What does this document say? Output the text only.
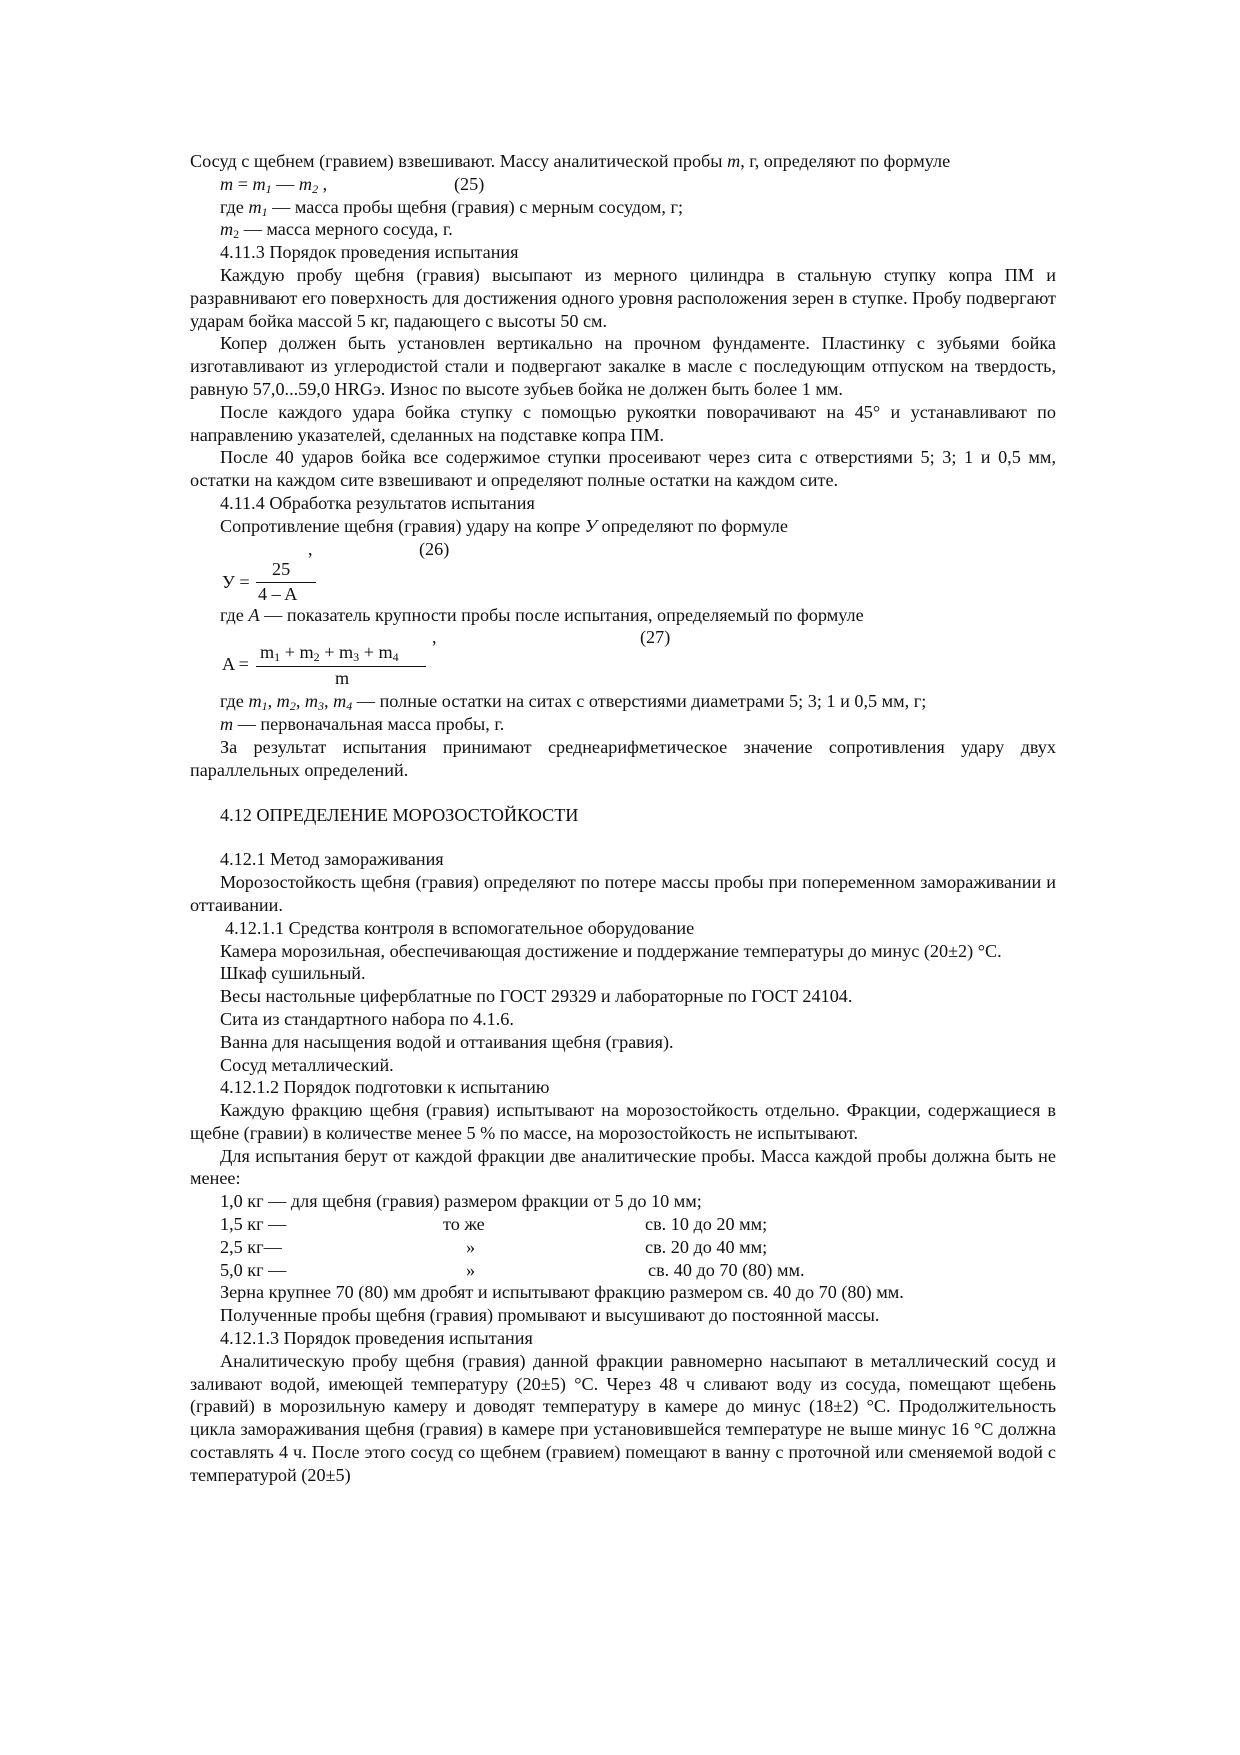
Сосуд с щебнем (гравием) взвешивают. Массу аналитической пробы m, г, определяют по формуле

$m = m_1$ — $m_2$ ,	(25)

где $m_1$ — масса пробы щебня (гравия) с мерным сосудом, г;

$m_2$ — масса мерного сосуда, г.

4.11.3 Порядок проведения испытания

Каждую пробу щебня (гравия) высыпают из мерного цилиндра в стальную ступку копра ПМ и разравнивают его поверхность для достижения одного уровня расположения зерен в ступке. Пробу подвергают ударам бойка массой 5 кг, падающего с высоты 50 см.

Копер должен быть установлен вертикально на прочном фундаменте. Пластинку с зубьями бойка изготавливают из углеродистой стали и подвергают закалке в масле с последующим отпуском на твердость, равную 57,0...59,0 HRGэ. Износ по высоте зубьев бойка не должен быть более 1 мм.

После каждого удара бойка ступку с помощью рукоятки поворачивают на 45° и устанавливают по направлению указателей, сделанных на подставке копра ПМ.

После 40 ударов бойка все содержимое ступки просеивают через сита с отверстиями 5; 3; 1 и 0,5 мм, остатки на каждом сите взвешивают и определяют полные остатки на каждом сите.

4.11.4 Обработка результатов испытания

Сопротивление щебня (гравия) удару на копре У определяют по формуле

,	(26)
У =
25
4 – A

где A — показатель крупности пробы после испытания, определяемый по формуле

,	(27)
A =
$m_1 + m_2 + m_3 + m_4$
m

где $m_1$, $m_2$, $m_3$, $m_4$ — полные остатки на ситах с отверстиями диаметрами 5; 3; 1 и 0,5 мм, г;

m — первоначальная масса пробы, г.

За результат испытания принимают среднеарифметическое значение сопротивления удару двух параллельных определений.

4.12 ОПРЕДЕЛЕНИЕ МОРОЗОСТОЙКОСТИ

4.12.1 Метод замораживания

Морозостойкость щебня (гравия) определяют по потере массы пробы при попеременном замораживании и оттаивании.

4.12.1.1 Средства контроля в вспомогательное оборудование

Камера морозильная, обеспечивающая достижение и поддержание температуры до минус (20±2) °С.

Шкаф сушильный.

Весы настольные циферблатные по ГОСТ 29329 и лабораторные по ГОСТ 24104.

Сита из стандартного набора по 4.1.6.

Ванна для насыщения водой и оттаивания щебня (гравия).

Сосуд металлический.

4.12.1.2 Порядок подготовки к испытанию

Каждую фракцию щебня (гравия) испытывают на морозостойкость отдельно. Фракции, содержащиеся в щебне (гравии) в количестве менее 5 % по массе, на морозостойкость не испытывают.

Для испытания берут от каждой фракции две аналитические пробы. Масса каждой пробы должна быть не менее:

1,0 кг — для щебня (гравия) размером фракции от 5 до 10 мм;

1,5 кг —	то же	св. 10 до 20 мм;
2,5 кг—	»	св. 20 до 40 мм;
5,0 кг —	»	св. 40 до 70 (80) мм.

Зерна крупнее 70 (80) мм дробят и испытывают фракцию размером св. 40 до 70 (80) мм.

Полученные пробы щебня (гравия) промывают и высушивают до постоянной массы.

4.12.1.3 Порядок проведения испытания

Аналитическую пробу щебня (гравия) данной фракции равномерно насыпают в металлический сосуд и заливают водой, имеющей температуру (20±5) °С. Через 48 ч сливают воду из сосуда, помещают щебень (гравий) в морозильную камеру и доводят температуру в камере до минус (18±2) °С. Продолжительность цикла замораживания щебня (гравия) в камере при установившейся температуре не выше минус 16 °С должна составлять 4 ч. После этого сосуд со щебнем (гравием) помещают в ванну с проточной или сменяемой водой с температурой (20±5)
